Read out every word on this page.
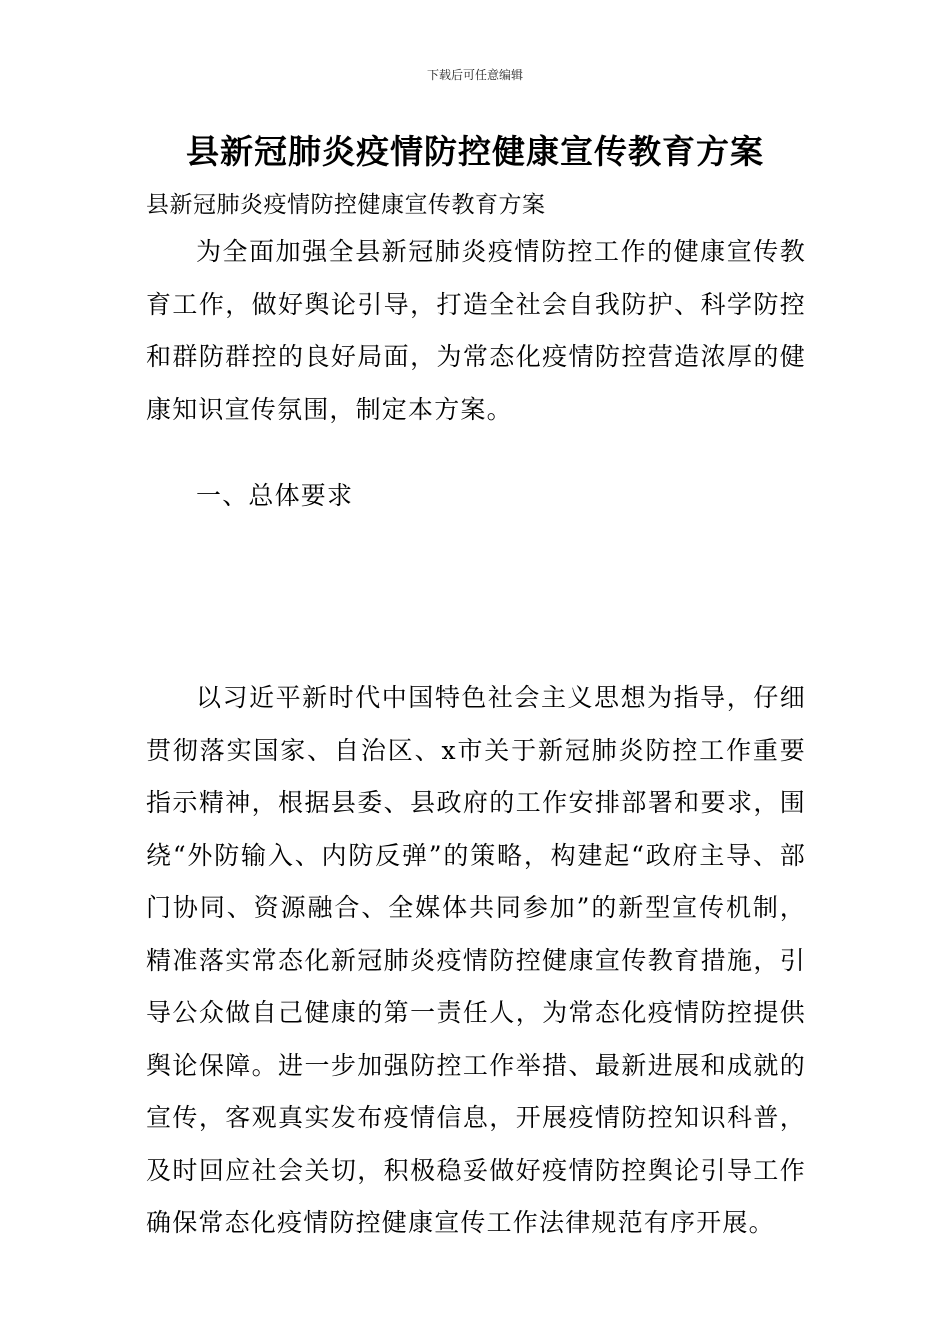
下载后可任意编辑
县新冠肺炎疫情防控健康宣传教育方案
县新冠肺炎疫情防控健康宣传教育方案
为全面加强全县新冠肺炎疫情防控工作的健康宣传教育工作，做好舆论引导，打造全社会自我防护、科学防控和群防群控的良好局面，为常态化疫情防控营造浓厚的健康知识宣传氛围，制定本方案。
一、总体要求
以习近平新时代中国特色社会主义思想为指导，仔细贯彻落实国家、自治区、x市关于新冠肺炎防控工作重要指示精神，根据县委、县政府的工作安排部署和要求，围绕“外防输入、内防反弹”的策略，构建起“政府主导、部门协同、资源融合、全媒体共同参加”的新型宣传机制，精准落实常态化新冠肺炎疫情防控健康宣传教育措施，引导公众做自己健康的第一责任人，为常态化疫情防控提供舆论保障。进一步加强防控工作举措、最新进展和成就的宣传，客观真实发布疫情信息，开展疫情防控知识科普，及时回应社会关切，积极稳妥做好疫情防控舆论引导工作确保常态化疫情防控健康宣传工作法律规范有序开展。
